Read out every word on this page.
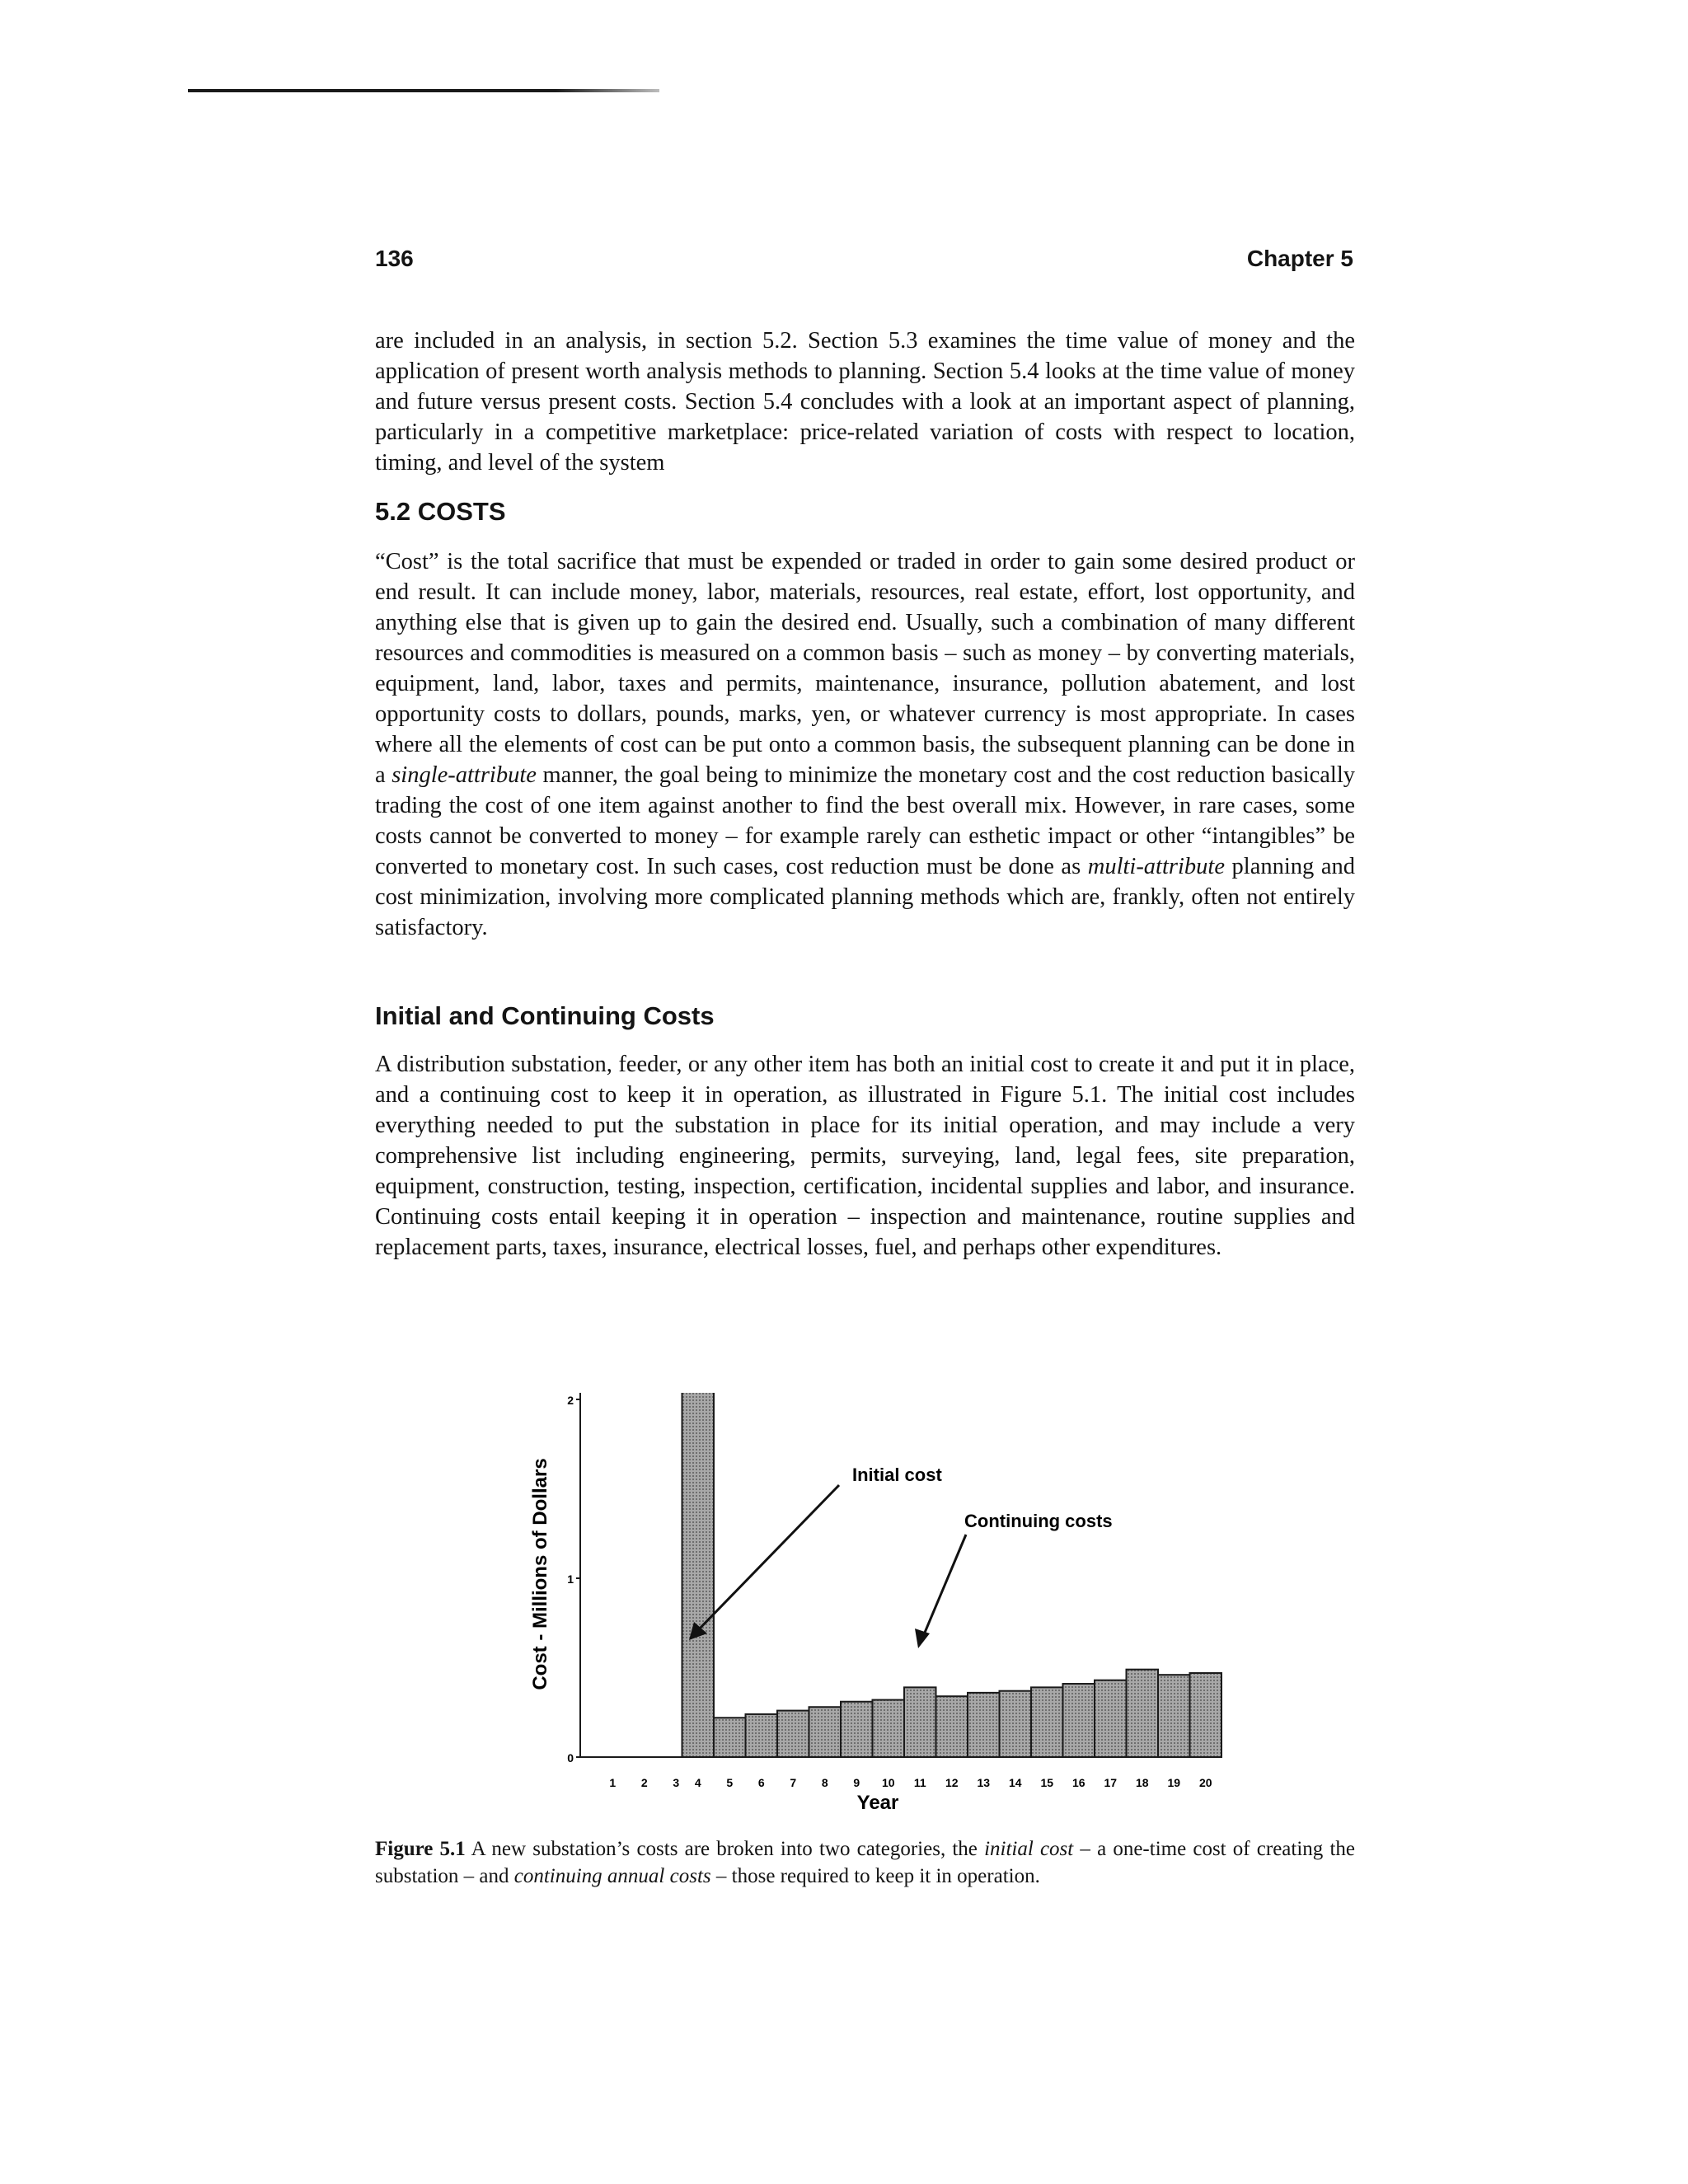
136	Chapter 5

are included in an analysis, in section 5.2. Section 5.3 examines the time value of money and the application of present worth analysis methods to planning. Section 5.4 looks at the time value of money and future versus present costs. Section 5.4 concludes with a look at an important aspect of planning, particularly in a competitive marketplace: price-related variation of costs with respect to location, timing, and level of the system

5.2 COSTS

“Cost” is the total sacrifice that must be expended or traded in order to gain some desired product or end result. It can include money, labor, materials, resources, real estate, effort, lost opportunity, and anything else that is given up to gain the desired end. Usually, such a combination of many different resources and commodities is measured on a common basis – such as money – by converting materials, equipment, land, labor, taxes and permits, maintenance, insurance, pollution abatement, and lost opportunity costs to dollars, pounds, marks, yen, or whatever currency is most appropriate. In cases where all the elements of cost can be put onto a common basis, the subsequent planning can be done in a single-attribute manner, the goal being to minimize the monetary cost and the cost reduction basically trading the cost of one item against another to find the best overall mix. However, in rare cases, some costs cannot be converted to money – for example rarely can esthetic impact or other “intangibles” be converted to monetary cost. In such cases, cost reduction must be done as multi-attribute planning and cost minimization, involving more complicated planning methods which are, frankly, often not entirely satisfactory.

Initial and Continuing Costs

A distribution substation, feeder, or any other item has both an initial cost to create it and put it in place, and a continuing cost to keep it in operation, as illustrated in Figure 5.1. The initial cost includes everything needed to put the substation in place for its initial operation, and may include a very comprehensive list including engineering, permits, surveying, land, legal fees, site preparation, equipment, construction, testing, inspection, certification, incidental supplies and labor, and insurance. Continuing costs entail keeping it in operation – inspection and maintenance, routine supplies and replacement parts, taxes, insurance, electrical losses, fuel, and perhaps other expenditures.

Cost - Millions of Dollars
Year
0
1
2
1 2 3 4 5 6 7 8 9 10 11 12 13 14 15 16 17 18 19 20
Initial cost
Continuing costs

Figure 5.1 A new substation’s costs are broken into two categories, the initial cost – a one-time cost of creating the substation – and continuing annual costs – those required to keep it in operation.
